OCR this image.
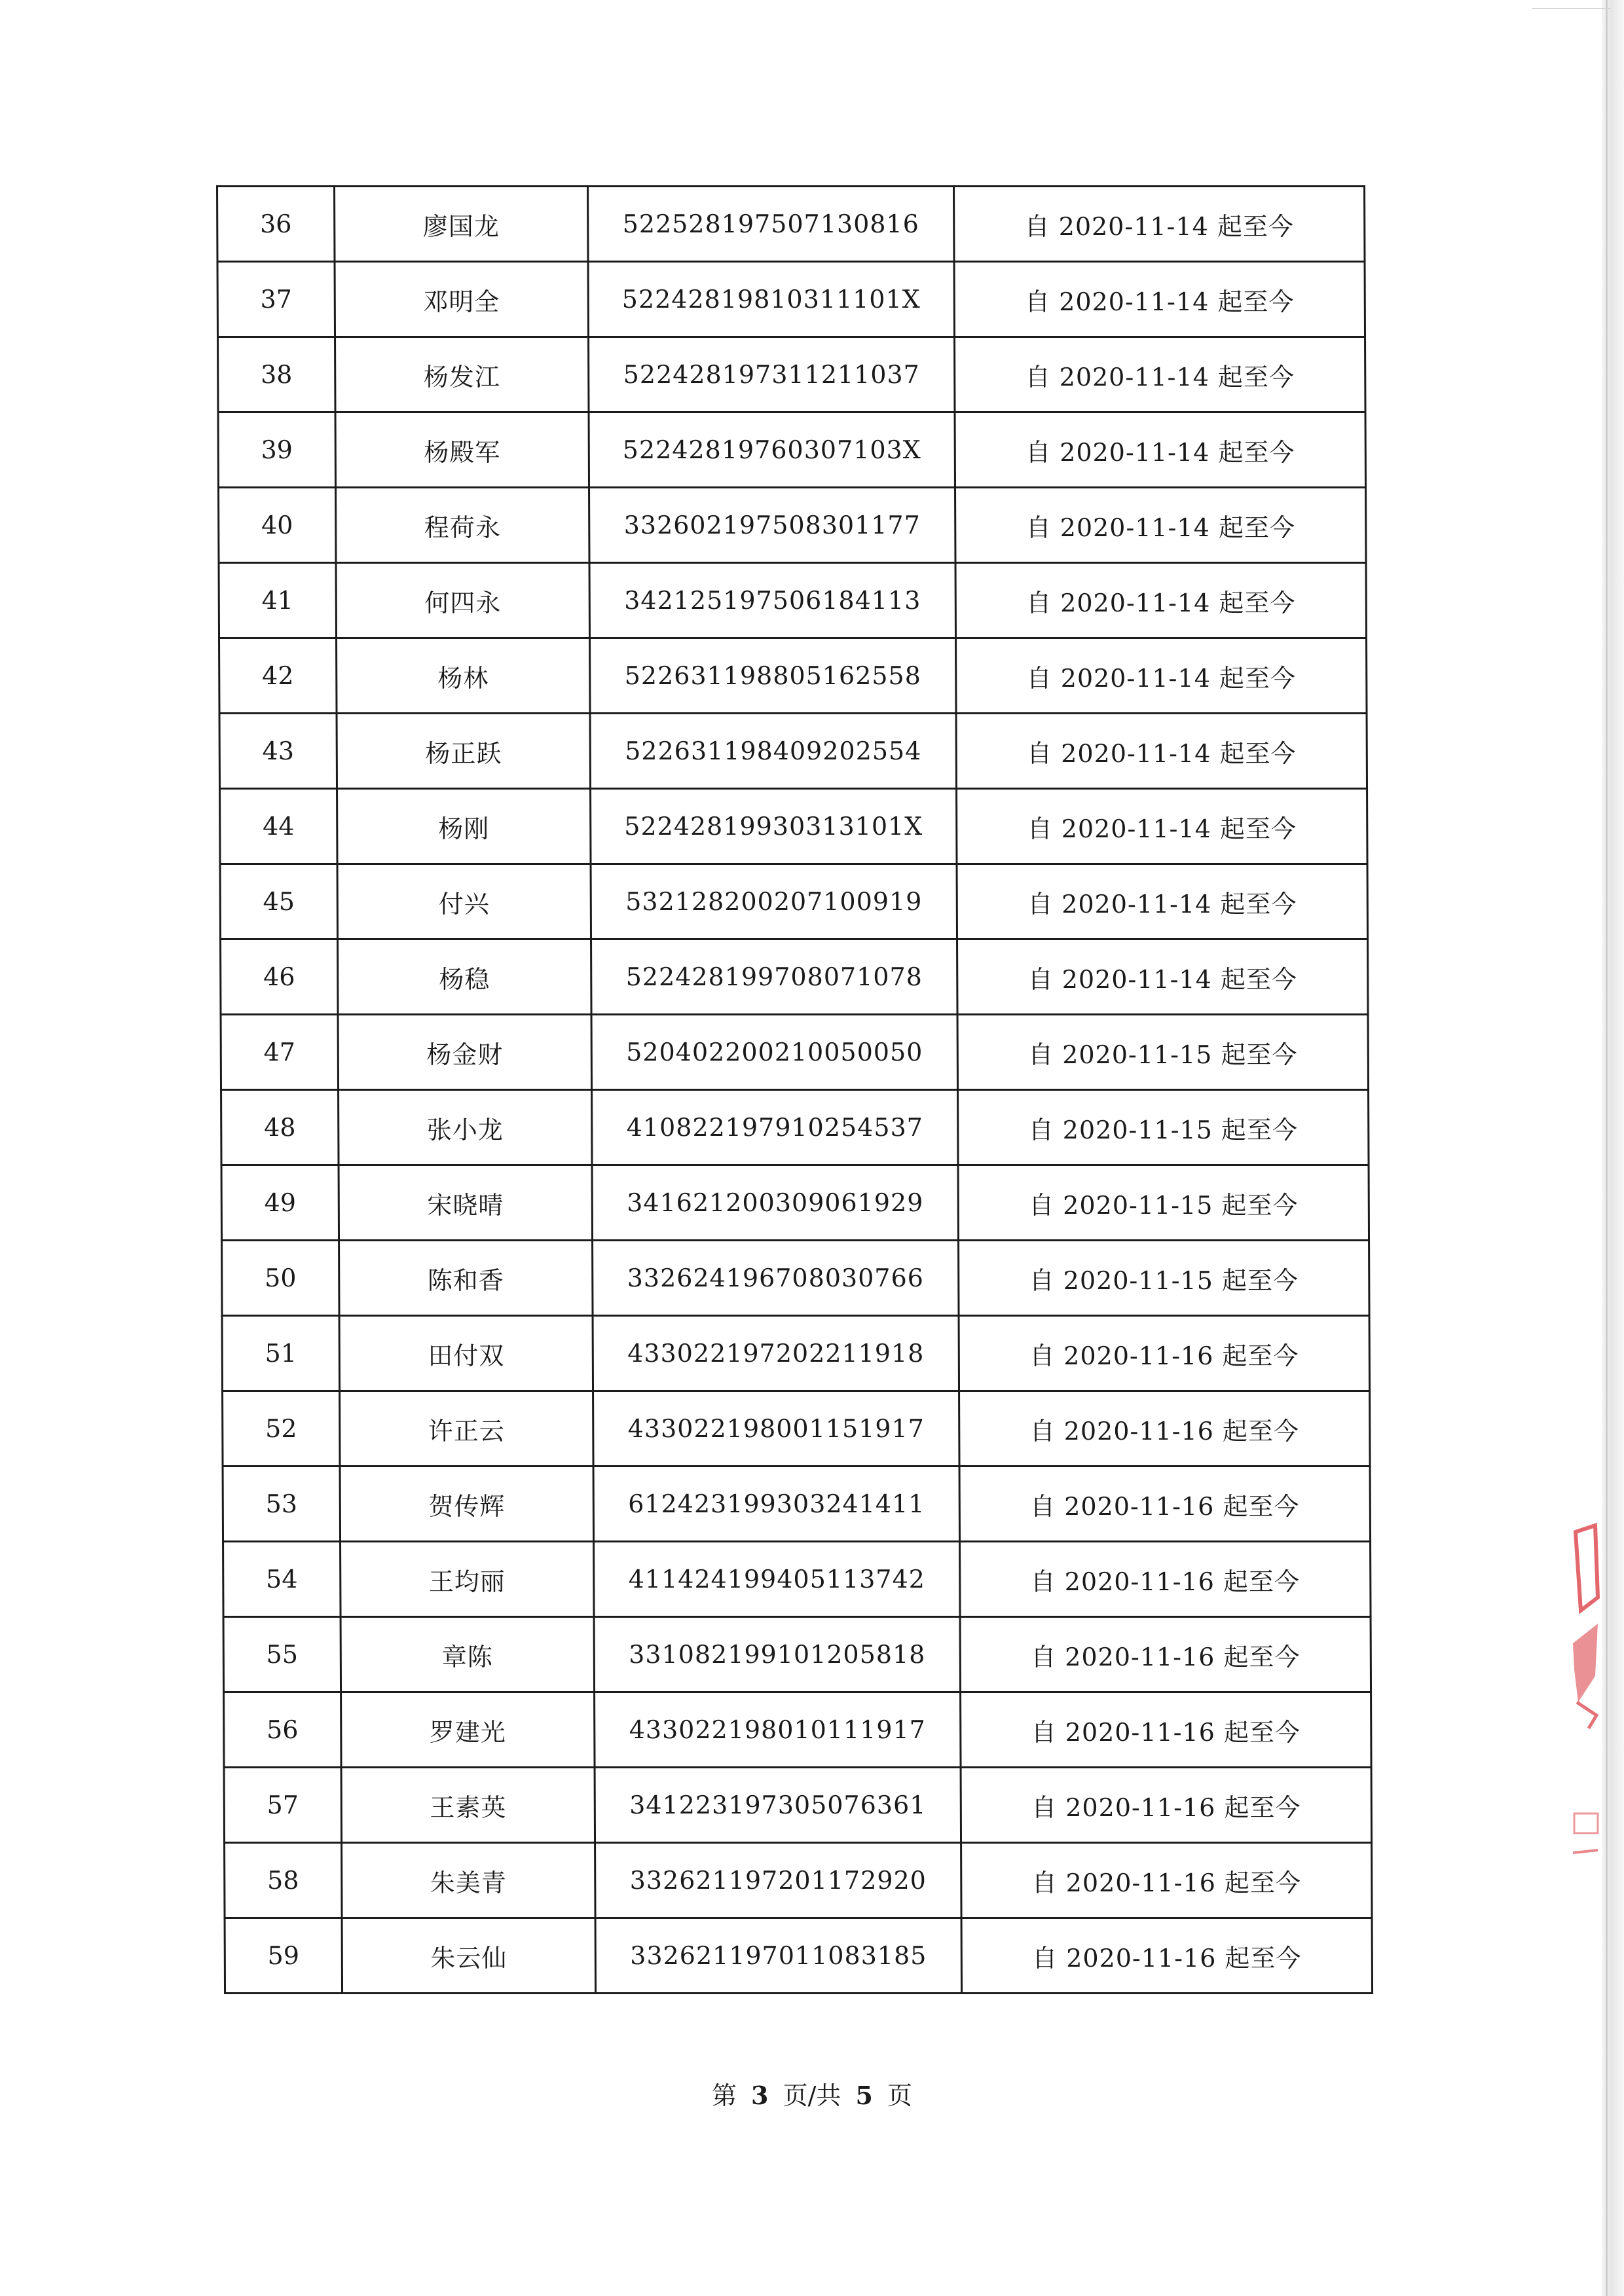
36	廖国龙	522528197507130816	自 2020-11-14 起至今
37	邓明全	52242819810311101X	自 2020-11-14 起至今
38	杨发江	522428197311211037	自 2020-11-14 起至今
39	杨殿军	52242819760307103X	自 2020-11-14 起至今
40	程荷永	332602197508301177	自 2020-11-14 起至今
41	何四永	342125197506184113	自 2020-11-14 起至今
42	杨林	522631198805162558	自 2020-11-14 起至今
43	杨正跃	522631198409202554	自 2020-11-14 起至今
44	杨刚	52242819930313101X	自 2020-11-14 起至今
45	付兴	532128200207100919	自 2020-11-14 起至今
46	杨稳	522428199708071078	自 2020-11-14 起至今
47	杨金财	520402200210050050	自 2020-11-15 起至今
48	张小龙	410822197910254537	自 2020-11-15 起至今
49	宋晓晴	341621200309061929	自 2020-11-15 起至今
50	陈和香	332624196708030766	自 2020-11-15 起至今
51	田付双	433022197202211918	自 2020-11-16 起至今
52	许正云	433022198001151917	自 2020-11-16 起至今
53	贺传辉	612423199303241411	自 2020-11-16 起至今
54	王均丽	411424199405113742	自 2020-11-16 起至今
55	章陈	331082199101205818	自 2020-11-16 起至今
56	罗建光	433022198010111917	自 2020-11-16 起至今
57	王素英	341223197305076361	自 2020-11-16 起至今
58	朱美青	332621197201172920	自 2020-11-16 起至今
59	朱云仙	332621197011083185	自 2020-11-16 起至今
第 3 页/共 5 页
